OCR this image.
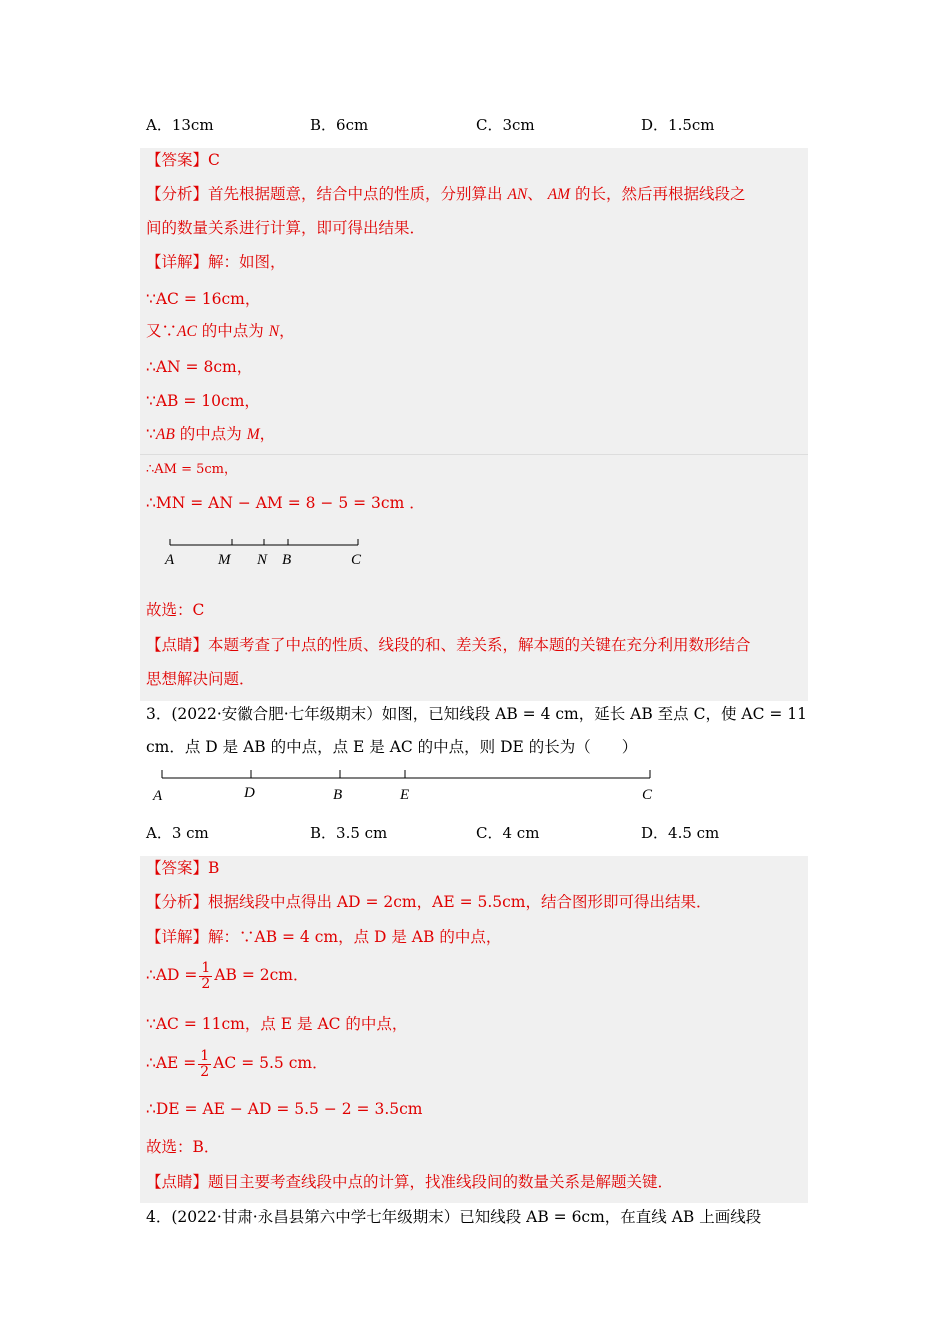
A．13cm	B．6cm	C．3cm	D．1.5cm
【答案】C
【分析】首先根据题意，结合中点的性质，分别算出 AN、 AM 的长，然后再根据线段之
间的数量关系进行计算，即可得出结果．
【详解】解：如图，
∵AC = 16cm，
又∵AC 的中点为 N，
∴AN = 8cm，
∵AB = 10cm，
∵AB 的中点为 M，
∴AM = 5cm，
∴MN = AN − AM = 8 − 5 = 3cm ．
A	M N B	C
故选：C
【点睛】本题考查了中点的性质、线段的和、差关系，解本题的关键在充分利用数形结合
思想解决问题．
3．(2022·安徽合肥·七年级期末）如图，已知线段 AB = 4 cm，延长 AB 至点 C，使 AC = 11
cm．点 D 是 AB 的中点，点 E 是 AC 的中点，则 DE 的长为（　　）
A	D	B	E	C
A．3 cm	B．3.5 cm	C．4 cm	D．4.5 cm
【答案】B
【分析】根据线段中点得出 AD = 2cm，AE = 5.5cm，结合图形即可得出结果．
【详解】解：∵AB = 4 cm，点 D 是 AB 的中点，
∴AD = $\frac{1}{2}$ AB = 2cm．
∵AC = 11cm，点 E 是 AC 的中点，
∴AE = $\frac{1}{2}$ AC = 5.5 cm．
∴DE = AE − AD = 5.5 − 2 = 3.5cm
故选：B．
【点睛】题目主要考查线段中点的计算，找准线段间的数量关系是解题关键．
4．(2022·甘肃·永昌县第六中学七年级期末）已知线段 AB = 6cm，在直线 AB 上画线段
